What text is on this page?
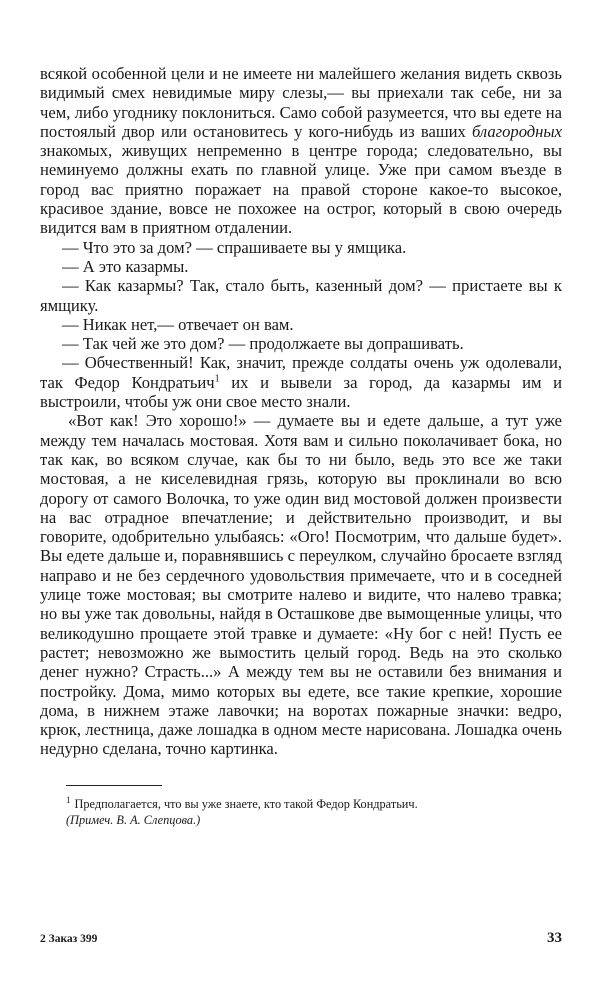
всякой особенной цели и не имеете ни малейшего желания видеть сквозь видимый смех невидимые миру слезы,— вы приехали так себе, ни за чем, либо угоднику поклониться. Само собой разумеется, что вы едете на постоялый двор или остановитесь у кого-нибудь из ваших благородных знакомых, живущих непременно в центре города; следовательно, вы неминуемо должны ехать по главной улице. Уже при самом въезде в город вас приятно поражает на правой стороне какое-то высокое, красивое здание, вовсе не похожее на острог, который в свою очередь видится вам в приятном отдалении.

— Что это за дом? — спрашиваете вы у ямщика.

— А это казармы.

— Как казармы? Так, стало быть, казенный дом? — пристаете вы к ямщику.

— Никак нет,— отвечает он вам.

— Так чей же это дом? — продолжаете вы допрашивать.

— Обчественный! Как, значит, прежде солдаты очень уж одолевали, так Федор Кондратьич$^1$ их и вывели за город, да казармы им и выстроили, чтобы уж они свое место знали.

«Вот как! Это хорошо!» — думаете вы и едете дальше, а тут уже между тем началась мостовая. Хотя вам и сильно поколачивает бока, но так как, во всяком случае, как бы то ни было, ведь это все же таки мостовая, а не киселевидная грязь, которую вы проклинали во всю дорогу от самого Волочка, то уже один вид мостовой должен произвести на вас отрадное впечатление; и действительно производит, и вы говорите, одобрительно улыбаясь: «Ого! Посмотрим, что дальше будет». Вы едете дальше и, поравнявшись с переулком, случайно бросаете взгляд направо и не без сердечного удовольствия примечаете, что и в соседней улице тоже мостовая; вы смотрите налево и видите, что налево травка; но вы уже так довольны, найдя в Осташкове две вымощенные улицы, что великодушно прощаете этой травке и думаете: «Ну бог с ней! Пусть ее растет; невозможно же вымостить целый город. Ведь на это сколько денег нужно? Страсть...» А между тем вы не оставили без внимания и постройку. Дома, мимо которых вы едете, все такие крепкие, хорошие дома, в нижнем этаже лавочки; на воротах пожарные значки: ведро, крюк, лестница, даже лошадка в одном месте нарисована. Лошадка очень недурно сделана, точно картинка.

$^1$ Предполагается, что вы уже знаете, кто такой Федор Кондратьич.
(Примеч. В. А. Слепцова.)
2 Заказ 399	33
